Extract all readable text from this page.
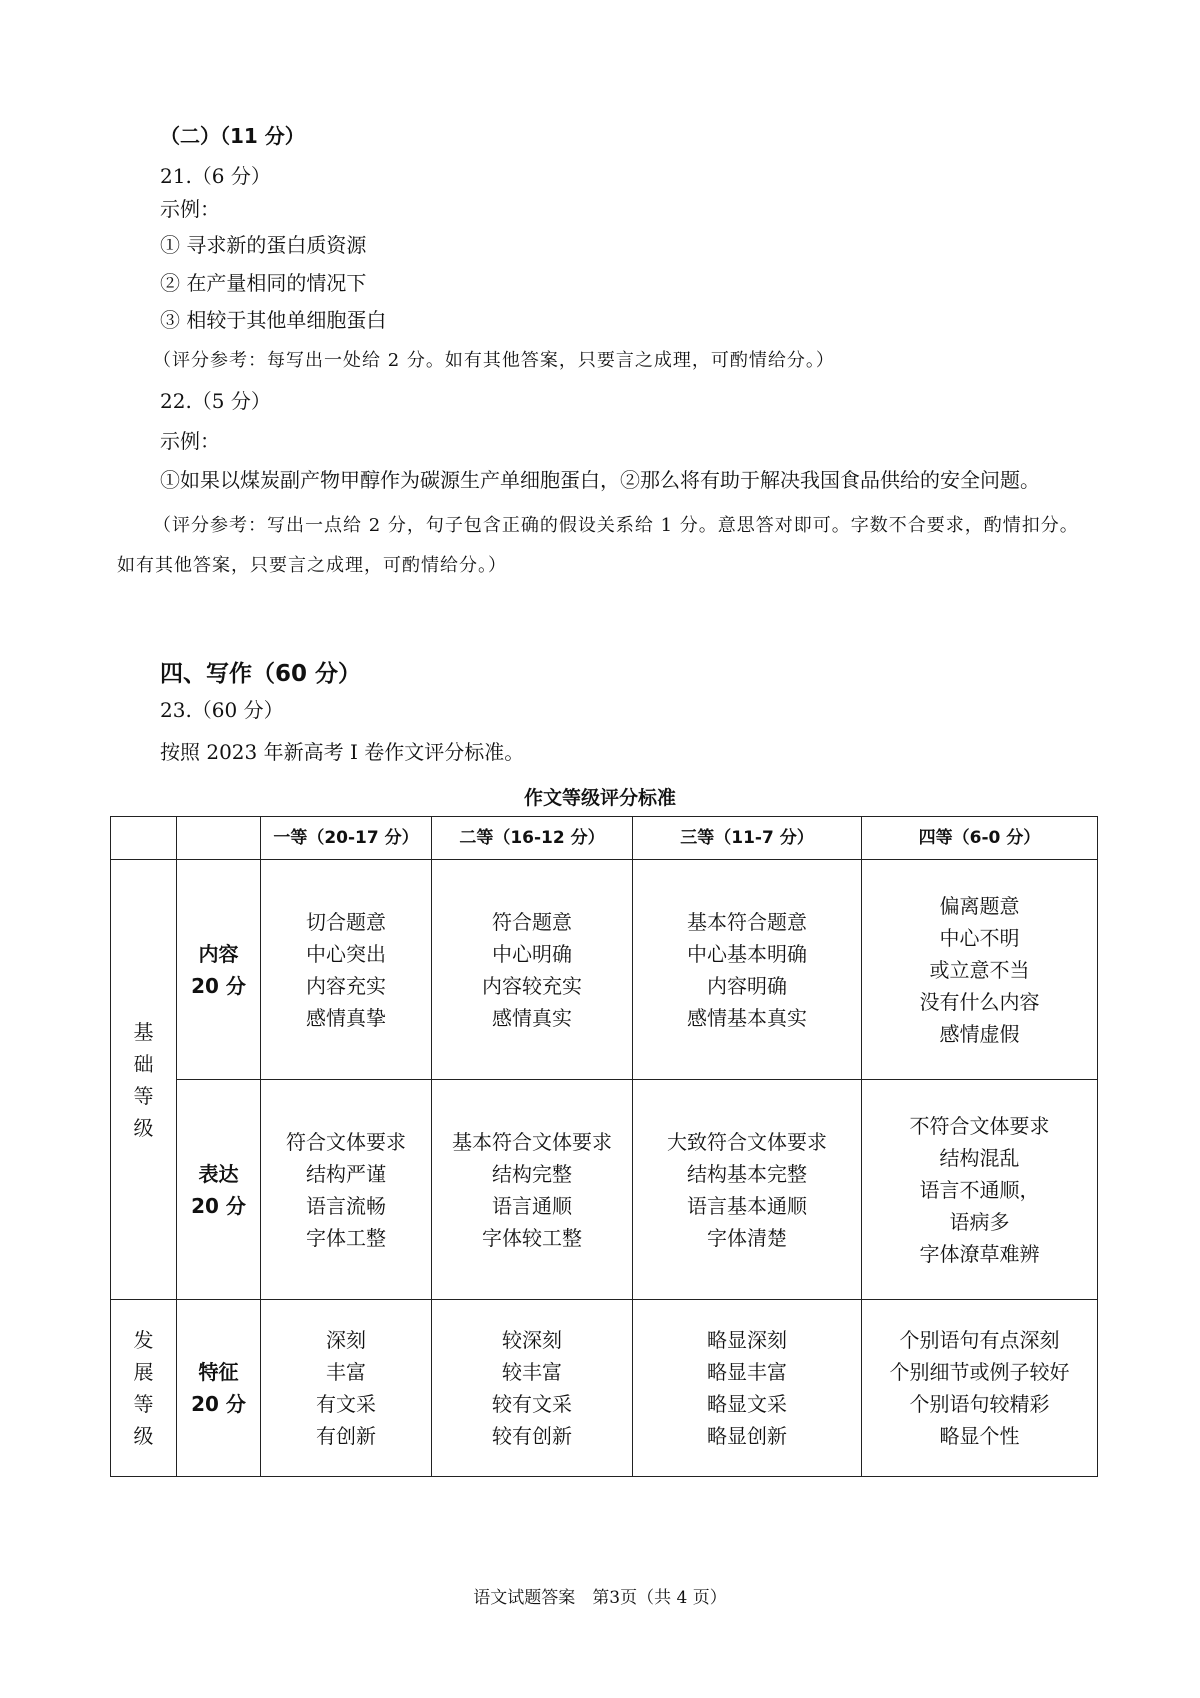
（二）（11 分）
21.（6 分）
示例：
① 寻求新的蛋白质资源
② 在产量相同的情况下
③ 相较于其他单细胞蛋白
（评分参考：每写出一处给 2 分。如有其他答案，只要言之成理，可酌情给分。）
22.（5 分）
示例：
①如果以煤炭副产物甲醇作为碳源生产单细胞蛋白，②那么将有助于解决我国食品供给的安全问题。
（评分参考：写出一点给 2 分，句子包含正确的假设关系给 1 分。意思答对即可。字数不合要求，酌情扣分。如有其他答案，只要言之成理，可酌情给分。）
四、写作（60 分）
23.（60 分）
按照 2023 年新高考 I 卷作文评分标准。
作文等级评分标准
		一等（20-17 分）	二等（16-12 分）	三等（11-7 分）	四等（6-0 分）

基
础
等
级	内容
20 分	切合题意
中心突出
内容充实
感情真挚	符合题意
中心明确
内容较充实
感情真实	基本符合题意
中心基本明确
内容明确
感情基本真实	偏离题意
中心不明
或立意不当
没有什么内容
感情虚假

	表达
20 分	符合文体要求
结构严谨
语言流畅
字体工整	基本符合文体要求
结构完整
语言通顺
字体较工整	大致符合文体要求
结构基本完整
语言基本通顺
字体清楚	不符合文体要求
结构混乱
语言不通顺，
语病多
字体潦草难辨

发
展
等
级	特征
20 分	深刻
丰富
有文采
有创新	较深刻
较丰富
较有文采
较有创新	略显深刻
略显丰富
略显文采
略显创新	个别语句有点深刻
个别细节或例子较好
个别语句较精彩
略显个性
语文试题答案　第3页（共 4 页）
